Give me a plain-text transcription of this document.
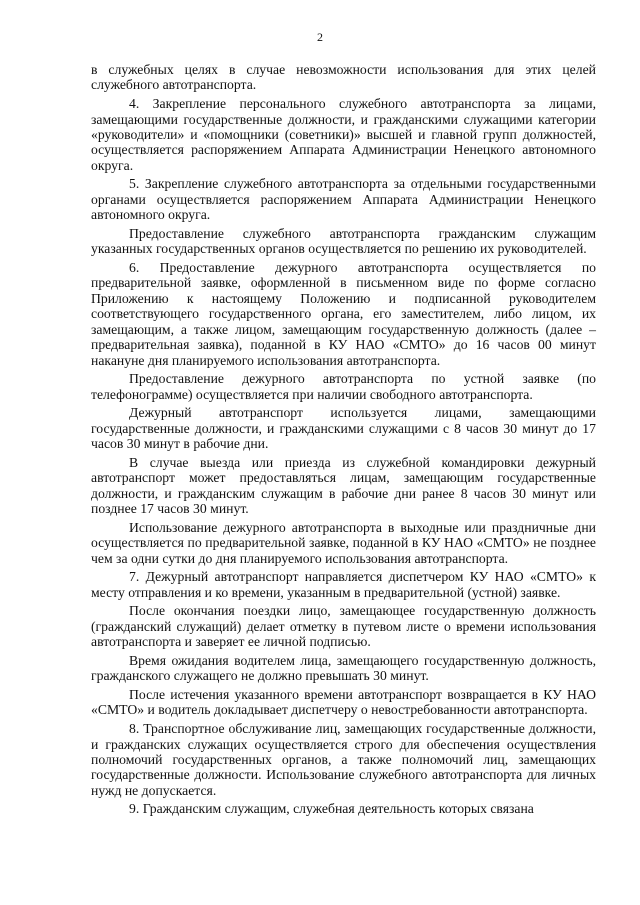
2

в служебных целях в случае невозможности использования для этих целей служебного автотранспорта.

4. Закрепление персонального служебного автотранспорта за лицами, замещающими государственные должности, и гражданскими служащими категории «руководители» и «помощники (советники)» высшей и главной групп должностей, осуществляется распоряжением Аппарата Администрации Ненецкого автономного округа.

5. Закрепление служебного автотранспорта за отдельными государственными органами осуществляется распоряжением Аппарата Администрации Ненецкого автономного округа.

Предоставление служебного автотранспорта гражданским служащим указанных государственных органов осуществляется по решению их руководителей.

6. Предоставление дежурного автотранспорта осуществляется по предварительной заявке, оформленной в письменном виде по форме согласно Приложению к настоящему Положению и подписанной руководителем соответствующего государственного органа, его заместителем, либо лицом, их замещающим, а также лицом, замещающим государственную должность (далее – предварительная заявка), поданной в КУ НАО «СМТО» до 16 часов 00 минут накануне дня планируемого использования автотранспорта.

Предоставление дежурного автотранспорта по устной заявке (по телефонограмме) осуществляется при наличии свободного автотранспорта.

Дежурный автотранспорт используется лицами, замещающими государственные должности, и гражданскими служащими с 8 часов 30 минут до 17 часов 30 минут в рабочие дни.

В случае выезда или приезда из служебной командировки дежурный автотранспорт может предоставляться лицам, замещающим государственные должности, и гражданским служащим в рабочие дни ранее 8 часов 30 минут или позднее 17 часов 30 минут.

Использование дежурного автотранспорта в выходные или праздничные дни осуществляется по предварительной заявке, поданной в КУ НАО «СМТО» не позднее чем за одни сутки до дня планируемого использования автотранспорта.

7. Дежурный автотранспорт направляется диспетчером КУ НАО «СМТО» к месту отправления и ко времени, указанным в предварительной (устной) заявке.

После окончания поездки лицо, замещающее государственную должность (гражданский служащий) делает отметку в путевом листе о времени использования автотранспорта и заверяет ее личной подписью.

Время ожидания водителем лица, замещающего государственную должность, гражданского служащего не должно превышать 30 минут.

После истечения указанного времени автотранспорт возвращается в КУ НАО «СМТО» и водитель докладывает диспетчеру о невостребованности автотранспорта.

8. Транспортное обслуживание лиц, замещающих государственные должности, и гражданских служащих осуществляется строго для обеспечения осуществления полномочий государственных органов, а также полномочий лиц, замещающих государственные должности. Использование служебного автотранспорта для личных нужд не допускается.

9. Гражданским служащим, служебная деятельность которых связана
